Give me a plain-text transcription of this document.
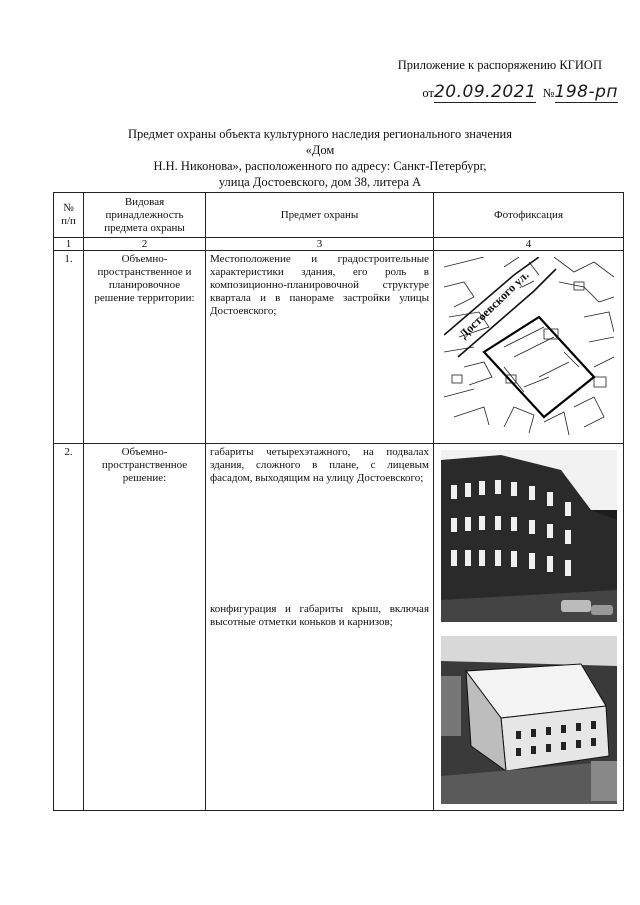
Приложение к распоряжению КГИОП
от20.09.2021 №198-рп
Предмет охраны объекта культурного наследия регионального значения «Дом
Н.Н. Никонова», расположенного по адресу: Санкт-Петербург,
улица Достоевского, дом 38, литера А
№ п/п	Видовая принадлежность предмета охраны	Предмет охраны	Фотофиксация
1	2	3	4
1.	Объемно-пространственное и планировочное решение территории:	Местоположение и градостроительные характеристики здания, его роль в композиционно-планировочной структуре квартала и в панораме застройки улицы Достоевского;	Достоевского ул.

2.	Объемно-пространственное решение:	габариты четырехэтажного, на подвалах здания, сложного в плане, с лицевым фасадом, выходящим на улицу Достоевского;
конфигурация и габариты крыш, включая высотные отметки коньков и карнизов;
